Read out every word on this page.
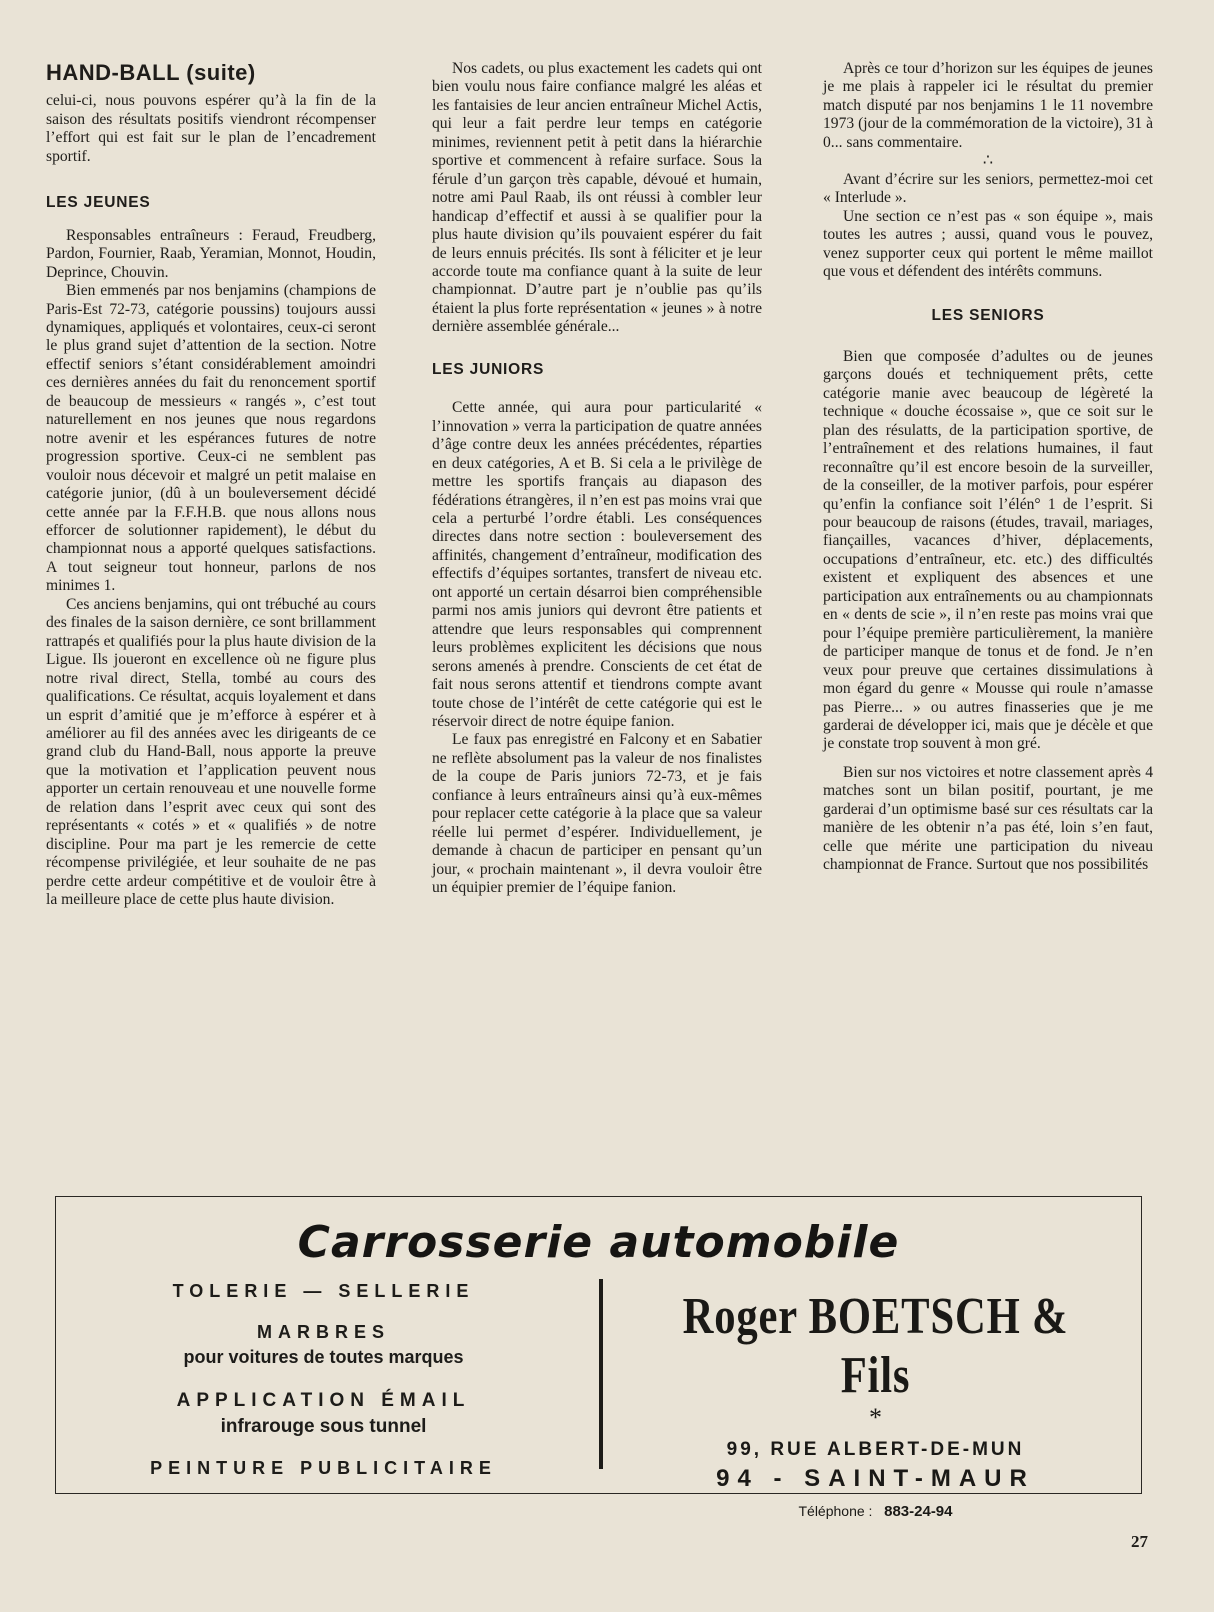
HAND-BALL (suite)

celui-ci, nous pouvons espérer qu’à la fin de la saison des résultats positifs viendront récompenser l’effort qui est fait sur le plan de l’encadrement sportif.

LES JEUNES

Responsables entraîneurs : Feraud, Freudberg, Pardon, Fournier, Raab, Yeramian, Monnot, Houdin, Deprince, Chouvin.

Bien emmenés par nos benjamins (champions de Paris-Est 72-73, catégorie poussins) toujours aussi dynamiques, appliqués et volontaires, ceux-ci seront le plus grand sujet d’attention de la section. Notre effectif seniors s’étant considérablement amoindri ces dernières années du fait du renoncement sportif de beaucoup de messieurs « rangés », c’est tout naturellement en nos jeunes que nous regardons notre avenir et les espérances futures de notre progression sportive. Ceux-ci ne semblent pas vouloir nous décevoir et malgré un petit malaise en catégorie junior, (dû à un bouleversement décidé cette année par la F.F.H.B. que nous allons nous efforcer de solutionner rapidement), le début du championnat nous a apporté quelques satisfactions. A tout seigneur tout honneur, parlons de nos minimes 1.

Ces anciens benjamins, qui ont trébuché au cours des finales de la saison dernière, ce sont brillamment rattrapés et qualifiés pour la plus haute division de la Ligue. Ils joueront en excellence où ne figure plus notre rival direct, Stella, tombé au cours des qualifications. Ce résultat, acquis loyalement et dans un esprit d’amitié que je m’efforce à espérer et à améliorer au fil des années avec les dirigeants de ce grand club du Hand-Ball, nous apporte la preuve que la motivation et l’application peuvent nous apporter un certain renouveau et une nouvelle forme de relation dans l’esprit avec ceux qui sont des représentants « cotés » et « qualifiés » de notre discipline. Pour ma part je les remercie de cette récompense privilégiée, et leur souhaite de ne pas perdre cette ardeur compétitive et de vouloir être à la meilleure place de cette plus haute division.

Nos cadets, ou plus exactement les cadets qui ont bien voulu nous faire confiance malgré les aléas et les fantaisies de leur ancien entraîneur Michel Actis, qui leur a fait perdre leur temps en catégorie minimes, reviennent petit à petit dans la hiérarchie sportive et commencent à refaire surface. Sous la férule d’un garçon très capable, dévoué et humain, notre ami Paul Raab, ils ont réussi à combler leur handicap d’effectif et aussi à se qualifier pour la plus haute division qu’ils pouvaient espérer du fait de leurs ennuis précités. Ils sont à féliciter et je leur accorde toute ma confiance quant à la suite de leur championnat. D’autre part je n’oublie pas qu’ils étaient la plus forte représentation « jeunes » à notre dernière assemblée générale...

LES JUNIORS

Cette année, qui aura pour particularité « l’innovation » verra la participation de quatre années d’âge contre deux les années précédentes, réparties en deux catégories, A et B. Si cela a le privilège de mettre les sportifs français au diapason des fédérations étrangères, il n’en est pas moins vrai que cela a perturbé l’ordre établi. Les conséquences directes dans notre section : bouleversement des affinités, changement d’entraîneur, modification des effectifs d’équipes sortantes, transfert de niveau etc. ont apporté un certain désarroi bien compréhensible parmi nos amis juniors qui devront être patients et attendre que leurs responsables qui comprennent leurs problèmes explicitent les décisions que nous serons amenés à prendre. Conscients de cet état de fait nous serons attentif et tiendrons compte avant toute chose de l’intérêt de cette catégorie qui est le réservoir direct de notre équipe fanion.

Le faux pas enregistré en Falcony et en Sabatier ne reflète absolument pas la valeur de nos finalistes de la coupe de Paris juniors 72-73, et je fais confiance à leurs entraîneurs ainsi qu’à eux-mêmes pour replacer cette catégorie à la place que sa valeur réelle lui permet d’espérer. Individuellement, je demande à chacun de participer en pensant qu’un jour, « prochain maintenant », il devra vouloir être un équipier premier de l’équipe fanion.

Après ce tour d’horizon sur les équipes de jeunes je me plais à rappeler ici le résultat du premier match disputé par nos benjamins 1 le 11 novembre 1973 (jour de la commémoration de la victoire), 31 à 0... sans commentaire.

∴

Avant d’écrire sur les seniors, permettez-moi cet « Interlude ».

Une section ce n’est pas « son équipe », mais toutes les autres ; aussi, quand vous le pouvez, venez supporter ceux qui portent le même maillot que vous et défendent des intérêts communs.

LES SENIORS

Bien que composée d’adultes ou de jeunes garçons doués et techniquement prêts, cette catégorie manie avec beaucoup de légèreté la technique « douche écossaise », que ce soit sur le plan des résulatts, de la participation sportive, de l’entraînement et des relations humaines, il faut reconnaître qu’il est encore besoin de la surveiller, de la conseiller, de la motiver parfois, pour espérer qu’enfin la confiance soit l’élén° 1 de l’esprit. Si pour beaucoup de raisons (études, travail, mariages, fiançailles, vacances d’hiver, déplacements, occupations d’entraîneur, etc. etc.) des difficultés existent et expliquent des absences et une participation aux entraînements ou au championnats en « dents de scie », il n’en reste pas moins vrai que pour l’équipe première particulièrement, la manière de participer manque de tonus et de fond. Je n’en veux pour preuve que certaines dissimulations à mon égard du genre « Mousse qui roule n’amasse pas Pierre... » ou autres finasseries que je me garderai de développer ici, mais que je décèle et que je constate trop souvent à mon gré.

Bien sur nos victoires et notre classement après 4 matches sont un bilan positif, pourtant, je me garderai d’un optimisme basé sur ces résultats car la manière de les obtenir n’a pas été, loin s’en faut, celle que mérite une participation du niveau championnat de France. Surtout que nos possibilités

Carrosserie automobile
TOLERIE — SELLERIE
MARBRES
pour voitures de toutes marques
APPLICATION ÉMAIL
infrarouge sous tunnel
PEINTURE PUBLICITAIRE
Roger BOETSCH & Fils
*
99, RUE ALBERT-DE-MUN
94 - SAINT-MAUR
Téléphone : 883-24-94
27
